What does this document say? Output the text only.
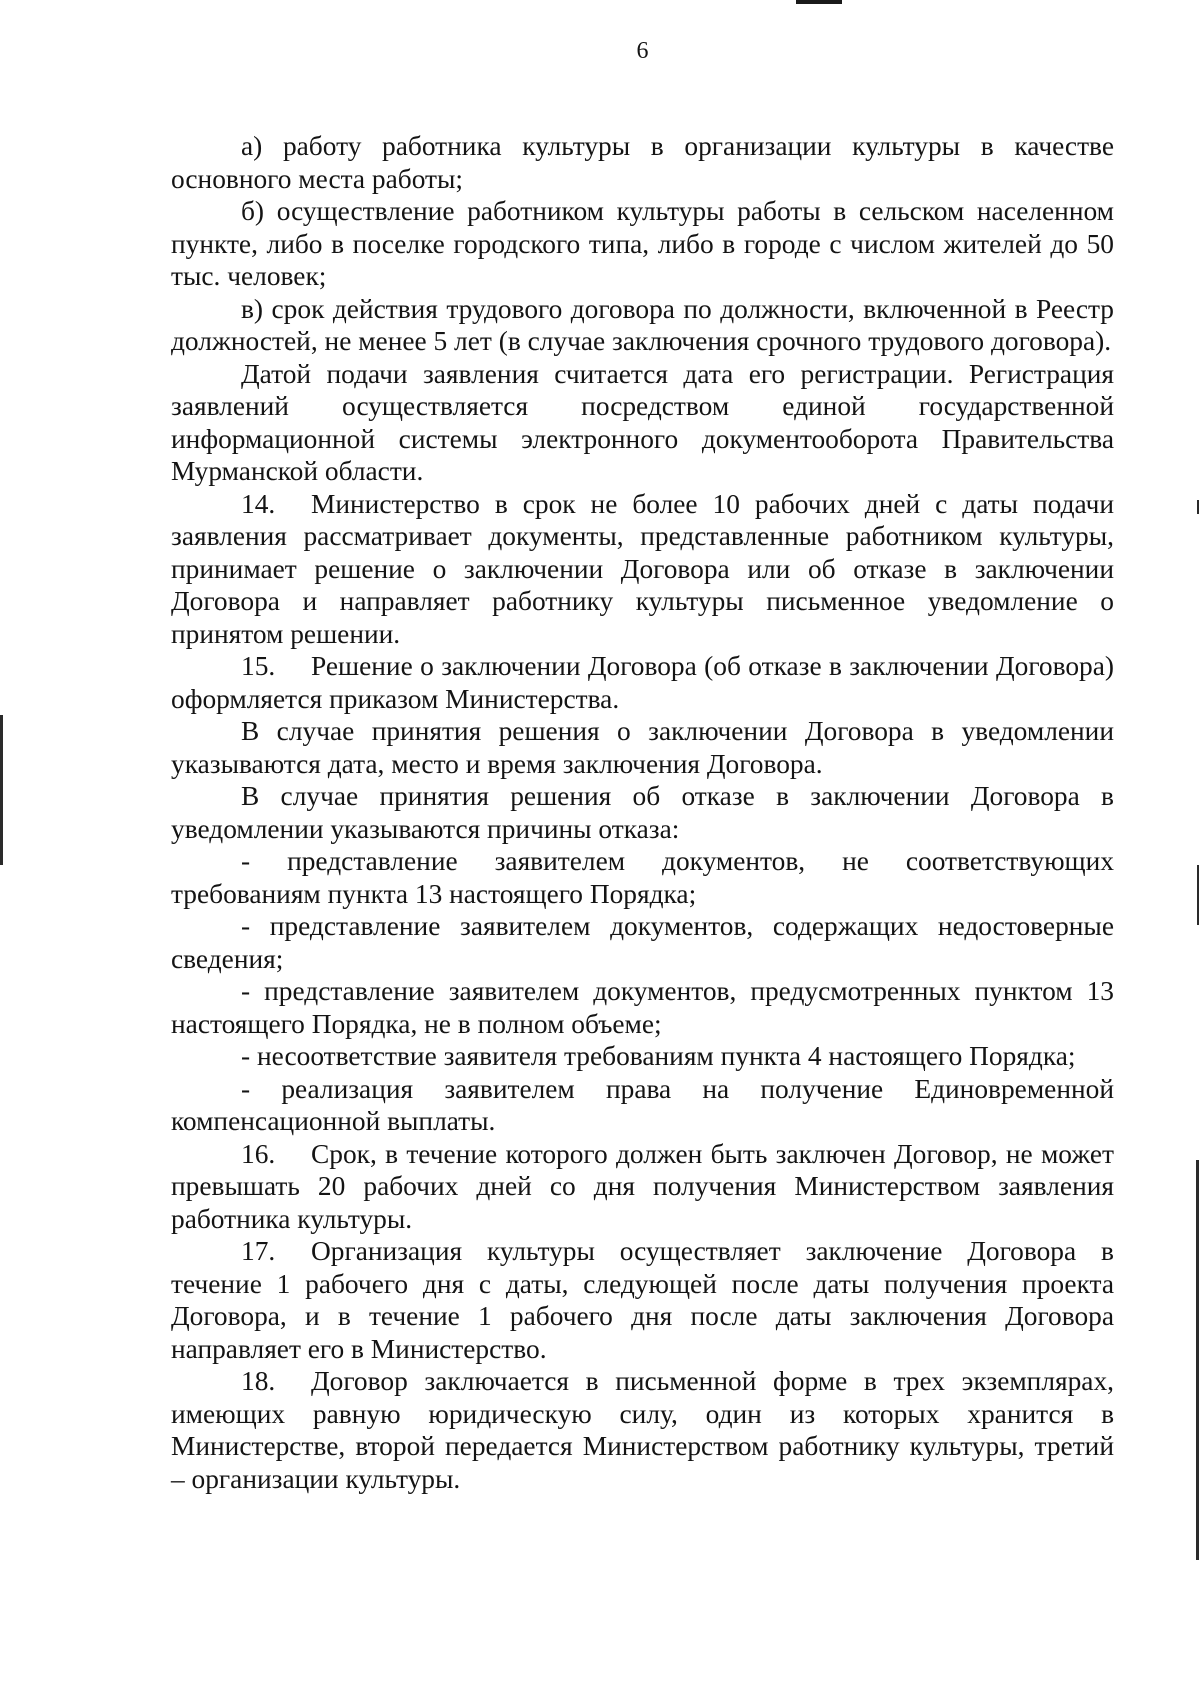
6

а) работу работника культуры в организации культуры в качестве основного места работы;

б) осуществление работником культуры работы в сельском населенном пункте, либо в поселке городского типа, либо в городе с числом жителей до 50 тыс. человек;

в) срок действия трудового договора по должности, включенной в Реестр должностей, не менее 5 лет (в случае заключения срочного трудового договора).

Датой подачи заявления считается дата его регистрации. Регистрация заявлений осуществляется посредством единой государственной информационной системы электронного документооборота Правительства Мурманской области.

14. Министерство в срок не более 10 рабочих дней с даты подачи заявления рассматривает документы, представленные работником культуры, принимает решение о заключении Договора или об отказе в заключении Договора и направляет работнику культуры письменное уведомление о принятом решении.

15. Решение о заключении Договора (об отказе в заключении Договора) оформляется приказом Министерства.

В случае принятия решения о заключении Договора в уведомлении указываются дата, место и время заключения Договора.

В случае принятия решения об отказе в заключении Договора в уведомлении указываются причины отказа:

- представление заявителем документов, не соответствующих требованиям пункта 13 настоящего Порядка;

- представление заявителем документов, содержащих недостоверные сведения;

- представление заявителем документов, предусмотренных пунктом 13 настоящего Порядка, не в полном объеме;

- несоответствие заявителя требованиям пункта 4 настоящего Порядка;

- реализация заявителем права на получение Единовременной компенсационной выплаты.

16. Срок, в течение которого должен быть заключен Договор, не может превышать 20 рабочих дней со дня получения Министерством заявления работника культуры.

17. Организация культуры осуществляет заключение Договора в течение 1 рабочего дня с даты, следующей после даты получения проекта Договора, и в течение 1 рабочего дня после даты заключения Договора направляет его в Министерство.

18. Договор заключается в письменной форме в трех экземплярах, имеющих равную юридическую силу, один из которых хранится в Министерстве, второй передается Министерством работнику культуры, третий – организации культуры.
